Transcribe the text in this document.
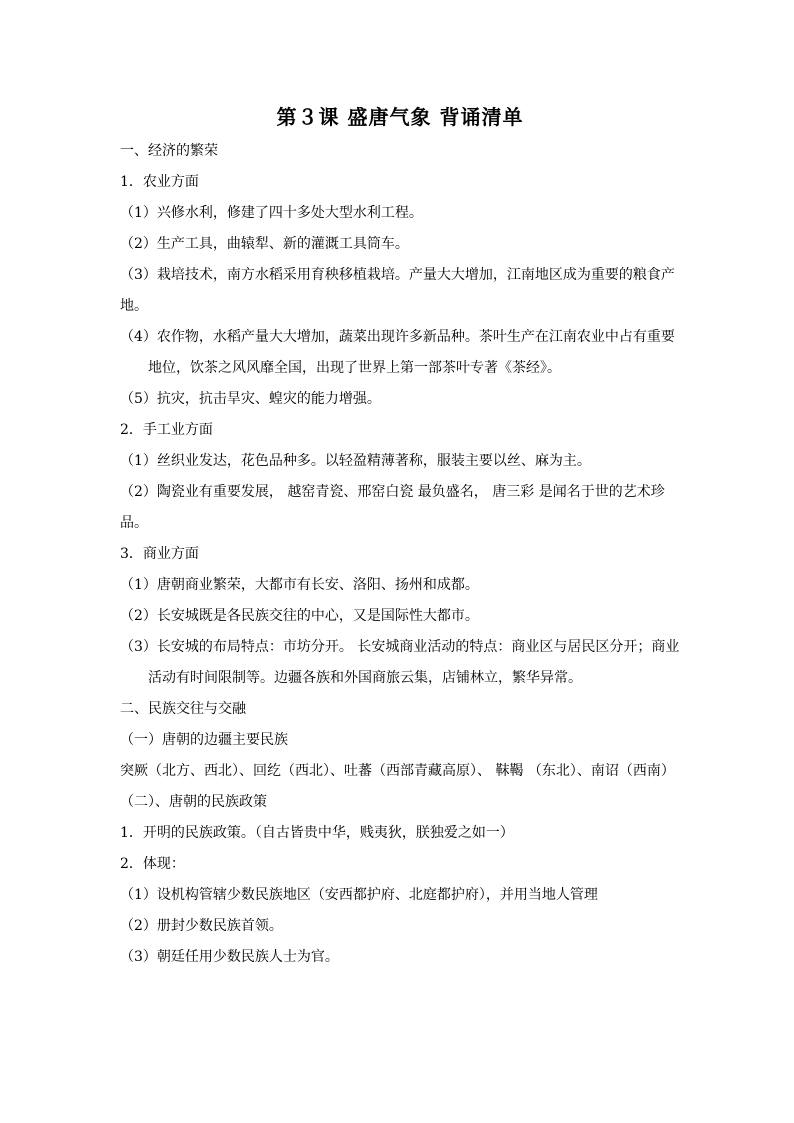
第３课 盛唐气象 背诵清单
一、经济的繁荣
1．农业方面
（1）兴修水利，修建了四十多处大型水利工程。
（2）生产工具，曲辕犁、新的灌溉工具筒车。
（3）栽培技术，南方水稻采用育秧移植栽培。产量大大增加，江南地区成为重要的粮食产地。
（4）农作物，水稻产量大大增加，蔬菜出现许多新品种。茶叶生产在江南农业中占有重要地位，饮茶之风风靡全国，出现了世界上第一部茶叶专著《茶经》。
（5）抗灾，抗击旱灾、蝗灾的能力增强。
2．手工业方面
（1）丝织业发达，花色品种多。以轻盈精薄著称，服装主要以丝、麻为主。
（2）陶瓷业有重要发展， 越窑青瓷、邢窑白瓷 最负盛名， 唐三彩 是闻名于世的艺术珍品。
3．商业方面
（1）唐朝商业繁荣，大都市有长安、洛阳、扬州和成都。
（2）长安城既是各民族交往的中心，又是国际性大都市。
（3）长安城的布局特点：市坊分开。 长安城商业活动的特点：商业区与居民区分开；商业活动有时间限制等。边疆各族和外国商旅云集，店铺林立，繁华异常。
二、民族交往与交融
（一）唐朝的边疆主要民族
突厥（北方、西北）、回纥（西北）、吐蕃（西部青藏高原）、 靺鞨 （东北）、南诏（西南）
（二）、唐朝的民族政策
1．开明的民族政策。（自古皆贵中华，贱夷狄，朕独爱之如一）
2．体现：
（1）设机构管辖少数民族地区（安西都护府、北庭都护府），并用当地人管理
（2）册封少数民族首领。
（3）朝廷任用少数民族人士为官。
